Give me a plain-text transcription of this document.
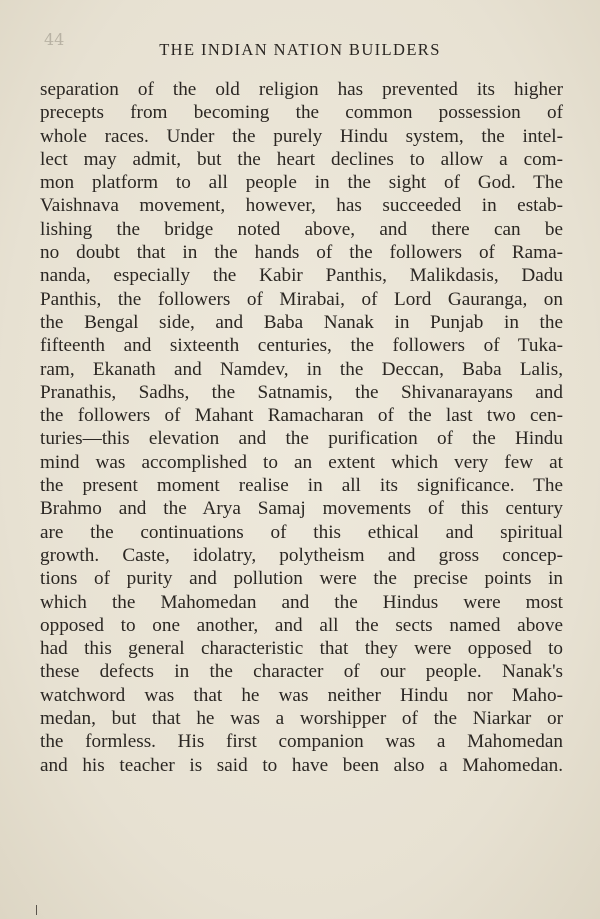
44
THE INDIAN NATION BUILDERS
separation of the old religion has prevented its higher
precepts from becoming the common possession of
whole races. Under the purely Hindu system, the intel-
lect may admit, but the heart declines to allow a com-
mon platform to all people in the sight of God. The
Vaishnava movement, however, has succeeded in estab-
lishing the bridge noted above, and there can be
no doubt that in the hands of the followers of Rama-
nanda, especially the Kabir Panthis, Malikdasis, Dadu
Panthis, the followers of Mirabai, of Lord Gauranga, on
the Bengal side, and Baba Nanak in Punjab in the
fifteenth and sixteenth centuries, the followers of Tuka-
ram, Ekanath and Namdev, in the Deccan, Baba Lalis,
Pranathis, Sadhs, the Satnamis, the Shivanarayans and
the followers of Mahant Ramacharan of the last two cen-
turies—this elevation and the purification of the Hindu
mind was accomplished to an extent which very few at
the present moment realise in all its significance. The
Brahmo and the Arya Samaj movements of this century
are the continuations of this ethical and spiritual
growth. Caste, idolatry, polytheism and gross concep-
tions of purity and pollution were the precise points in
which the Mahomedan and the Hindus were most
opposed to one another, and all the sects named above
had this general characteristic that they were opposed to
these defects in the character of our people. Nanak's
watchword was that he was neither Hindu nor Maho-
medan, but that he was a worshipper of the Niarkar or
the formless. His first companion was a Mahomedan
and his teacher is said to have been also a Mahomedan.
